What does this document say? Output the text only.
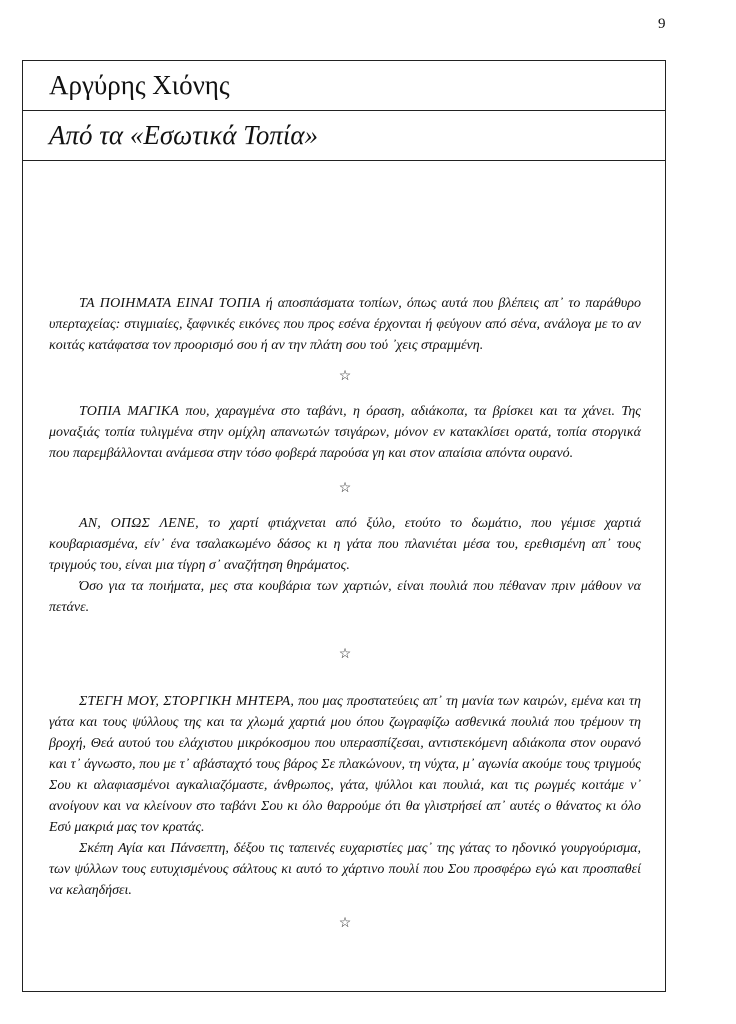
9
Αργύρης Χιόνης
Από τα «Εσωτικά Τοπία»

ΤΑ ΠΟΙΗΜΑΤΑ ΕΙΝΑΙ ΤΟΠΙΑ ή αποσπάσματα τοπίων, όπως αυτά που βλέπεις απ᾽ το παράθυρο υπερταχείας: στιγμιαίες, ξαφνικές εικόνες που προς εσένα έρχονται ή φεύγουν από σένα, ανάλογα με το αν κοιτάς κατάφατσα τον προορισμό σου ή αν την πλάτη σου τού ᾽χεις στραμμένη.

☆

ΤΟΠΙΑ ΜΑΓΙΚΑ που, χαραγμένα στο ταβάνι, η όραση, αδιάκοπα, τα βρίσκει και τα χάνει. Της μοναξιάς τοπία τυλιγμένα στην ομίχλη απανωτών τσιγάρων, μόνον εν κατακλίσει ορατά, τοπία στοργικά που παρεμβάλλονται ανάμεσα στην τόσο φοβερά παρούσα γη και στον απαίσια απόντα ουρανό.

☆

ΑΝ, ΟΠΩΣ ΛΕΝΕ, το χαρτί φτιάχνεται από ξύλο, ετούτο το δωμάτιο, που γέμισε χαρτιά κουβαριασμένα, είν᾽ ένα τσαλακωμένο δάσος κι η γάτα που πλανιέται μέσα του, ερεθισμένη απ᾽ τους τριγμούς του, είναι μια τίγρη σ᾽ αναζήτηση θηράματος.

Όσο για τα ποιήματα, μες στα κουβάρια των χαρτιών, είναι πουλιά που πέθαναν πριν μάθουν να πετάνε.

☆

ΣΤΕΓΗ ΜΟΥ, ΣΤΟΡΓΙΚΗ ΜΗΤΕΡΑ, που μας προστατεύεις απ᾽ τη μανία των καιρών, εμένα και τη γάτα και τους ψύλλους της και τα χλωμά χαρτιά μου όπου ζωγραφίζω ασθενικά πουλιά που τρέμουν τη βροχή, Θεά αυτού του ελάχιστου μικρόκοσμου που υπερασπίζεσαι, αντιστεκόμενη αδιάκοπα στον ουρανό και τ᾽ άγνωστο, που με τ᾽ αβάσταχτό τους βάρος Σε πλακώνουν, τη νύχτα, μ᾽ αγωνία ακούμε τους τριγμούς Σου κι αλαφιασμένοι αγκαλιαζόμαστε, άνθρωπος, γάτα, ψύλλοι και πουλιά, και τις ρωγμές κοιτάμε ν᾽ ανοίγουν και να κλείνουν στο ταβάνι Σου κι όλο θαρρούμε ότι θα γλιστρήσεί απ᾽ αυτές ο θάνατος κι όλο Εσύ μακριά μας τον κρατάς.

Σκέπη Αγία και Πάνσεπτη, δέξου τις ταπεινές ευχαριστίες μας᾽ της γάτας το ηδονικό γουργούρισμα, των ψύλλων τους ευτυχισμένους σάλτους κι αυτό το χάρτινο πουλί που Σου προσφέρω εγώ και προσπαθεί να κελαηδήσει.

☆
